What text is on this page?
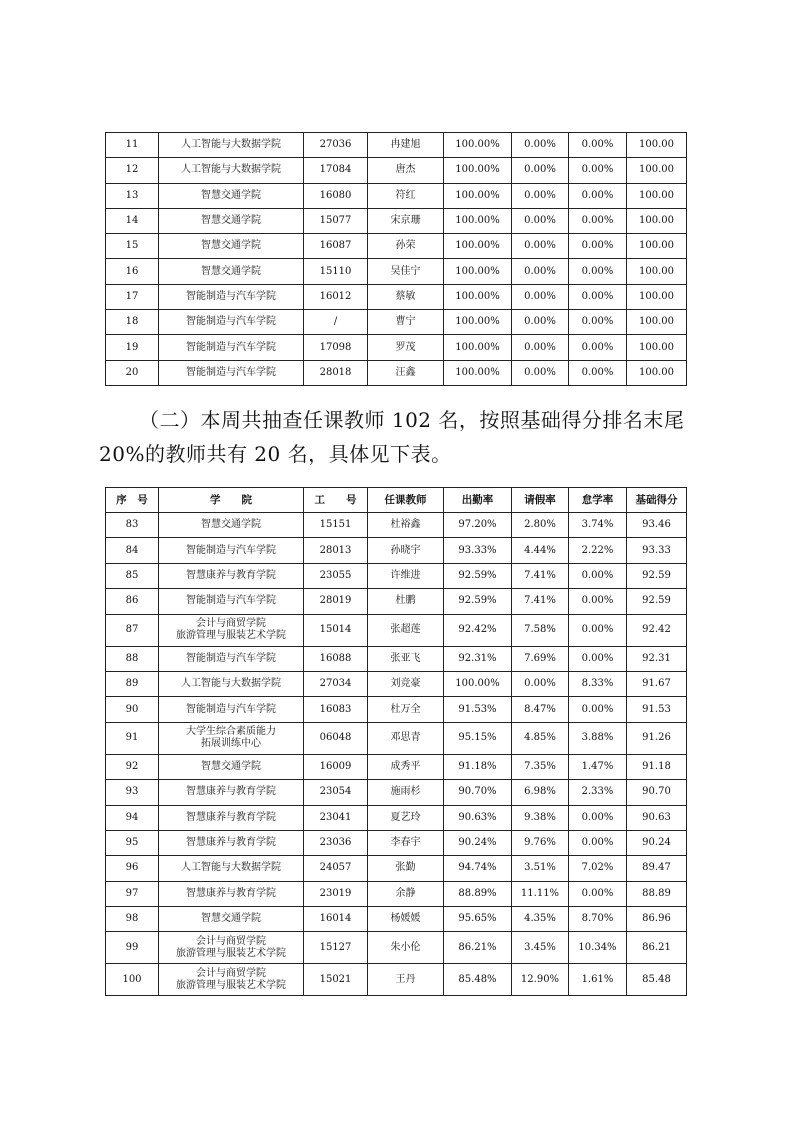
11	人工智能与大数据学院	27036	冉建旭	100.00%	0.00%	0.00%	100.00
12	人工智能与大数据学院	17084	唐杰	100.00%	0.00%	0.00%	100.00
13	智慧交通学院	16080	符红	100.00%	0.00%	0.00%	100.00
14	智慧交通学院	15077	宋京珊	100.00%	0.00%	0.00%	100.00
15	智慧交通学院	16087	孙荣	100.00%	0.00%	0.00%	100.00
16	智慧交通学院	15110	吴佳宁	100.00%	0.00%	0.00%	100.00
17	智能制造与汽车学院	16012	蔡敏	100.00%	0.00%	0.00%	100.00
18	智能制造与汽车学院	/	曹宁	100.00%	0.00%	0.00%	100.00
19	智能制造与汽车学院	17098	罗茂	100.00%	0.00%	0.00%	100.00
20	智能制造与汽车学院	28018	汪鑫	100.00%	0.00%	0.00%	100.00

（二）本周共抽查任课教师 102 名，按照基础得分排名末尾
20%的教师共有 20 名，具体见下表。

序　号	学　　院	工　　号	任课教师	出勤率	请假率	怠学率	基础得分
83	智慧交通学院	15151	杜裕鑫	97.20%	2.80%	3.74%	93.46
84	智能制造与汽车学院	28013	孙晓宇	93.33%	4.44%	2.22%	93.33
85	智慧康养与教育学院	23055	许维进	92.59%	7.41%	0.00%	92.59
86	智能制造与汽车学院	28019	杜鹏	92.59%	7.41%	0.00%	92.59
87	会计与商贸学院
旅游管理与服装艺术学院	15014	张超莲	92.42%	7.58%	0.00%	92.42
88	智能制造与汽车学院	16088	张亚飞	92.31%	7.69%	0.00%	92.31
89	人工智能与大数据学院	27034	刘竞豪	100.00%	0.00%	8.33%	91.67
90	智能制造与汽车学院	16083	杜万全	91.53%	8.47%	0.00%	91.53
91	大学生综合素质能力
拓展训练中心	06048	邓思青	95.15%	4.85%	3.88%	91.26
92	智慧交通学院	16009	成秀平	91.18%	7.35%	1.47%	91.18
93	智慧康养与教育学院	23054	施雨杉	90.70%	6.98%	2.33%	90.70
94	智慧康养与教育学院	23041	夏艺玲	90.63%	9.38%	0.00%	90.63
95	智慧康养与教育学院	23036	李春宇	90.24%	9.76%	0.00%	90.24
96	人工智能与大数据学院	24057	张勤	94.74%	3.51%	7.02%	89.47
97	智慧康养与教育学院	23019	余静	88.89%	11.11%	0.00%	88.89
98	智慧交通学院	16014	杨媛媛	95.65%	4.35%	8.70%	86.96
99	会计与商贸学院
旅游管理与服装艺术学院	15127	朱小伦	86.21%	3.45%	10.34%	86.21
100	会计与商贸学院
旅游管理与服装艺术学院	15021	王丹	85.48%	12.90%	1.61%	85.48
